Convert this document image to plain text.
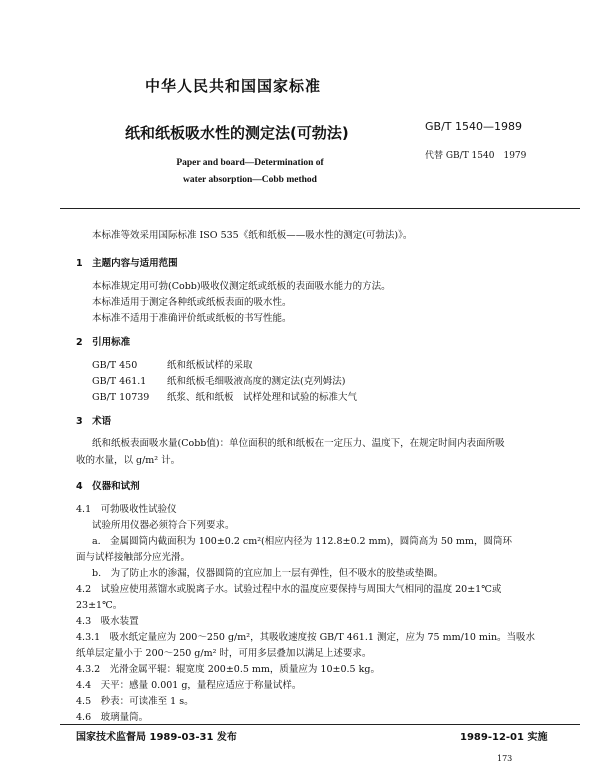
中华人民共和国国家标准
纸和纸板吸水性的测定法(可勃法)	GB/T 1540—1989
代替 GB/T 1540　1979
Paper and board—Determination of
water absorption—Cobb method
本标准等效采用国际标准 ISO 535《纸和纸板——吸水性的测定(可勃法)》。
1　主题内容与适用范围
本标准规定用可勃(Cobb)吸收仪测定纸或纸板的表面吸水能力的方法。
本标准适用于测定各种纸或纸板表面的吸水性。
本标准不适用于准确评价纸或纸板的书写性能。
2　引用标准
GB/T 450	纸和纸板试样的采取
GB/T 461.1 纸和纸板毛细吸液高度的测定法(克列姆法)
GB/T 10739 纸浆、纸和纸板　试样处理和试验的标准大气
3　术语
纸和纸板表面吸水量(Cobb值)：单位面积的纸和纸板在一定压力、温度下，在规定时间内表面所吸
收的水量，以 g/m² 计。
4　仪器和试剂
4.1　可勃吸收性试验仪
试验所用仪器必须符合下列要求。
a.　金属圆筒内截面积为 100±0.2 cm²(相应内径为 112.8±0.2 mm)，圆筒高为 50 mm，圆筒环
面与试样接触部分应光滑。
b.　为了防止水的渗漏，仪器圆筒的宜应加上一层有弹性，但不吸水的胶垫或垫圈。
4.2　试验应使用蒸馏水或脱离子水。试验过程中水的温度应要保持与周围大气相同的温度 20±1℃或
23±1℃。
4.3　吸水装置
4.3.1　吸水纸定量应为 200～250 g/m²，其吸收速度按 GB/T 461.1 测定，应为 75 mm/10 min。当吸水
纸单层定量小于 200～250 g/m² 时，可用多层叠加以满足上述要求。
4.3.2　光滑金属平辊：辊宽度 200±0.5 mm，质量应为 10±0.5 kg。
4.4　天平：感量 0.001 g，量程应适应于称量试样。
4.5　秒表：可读准至 1 s。
4.6　玻璃量筒。
国家技术监督局 1989-03-31 发布	1989-12-01 实施
173
